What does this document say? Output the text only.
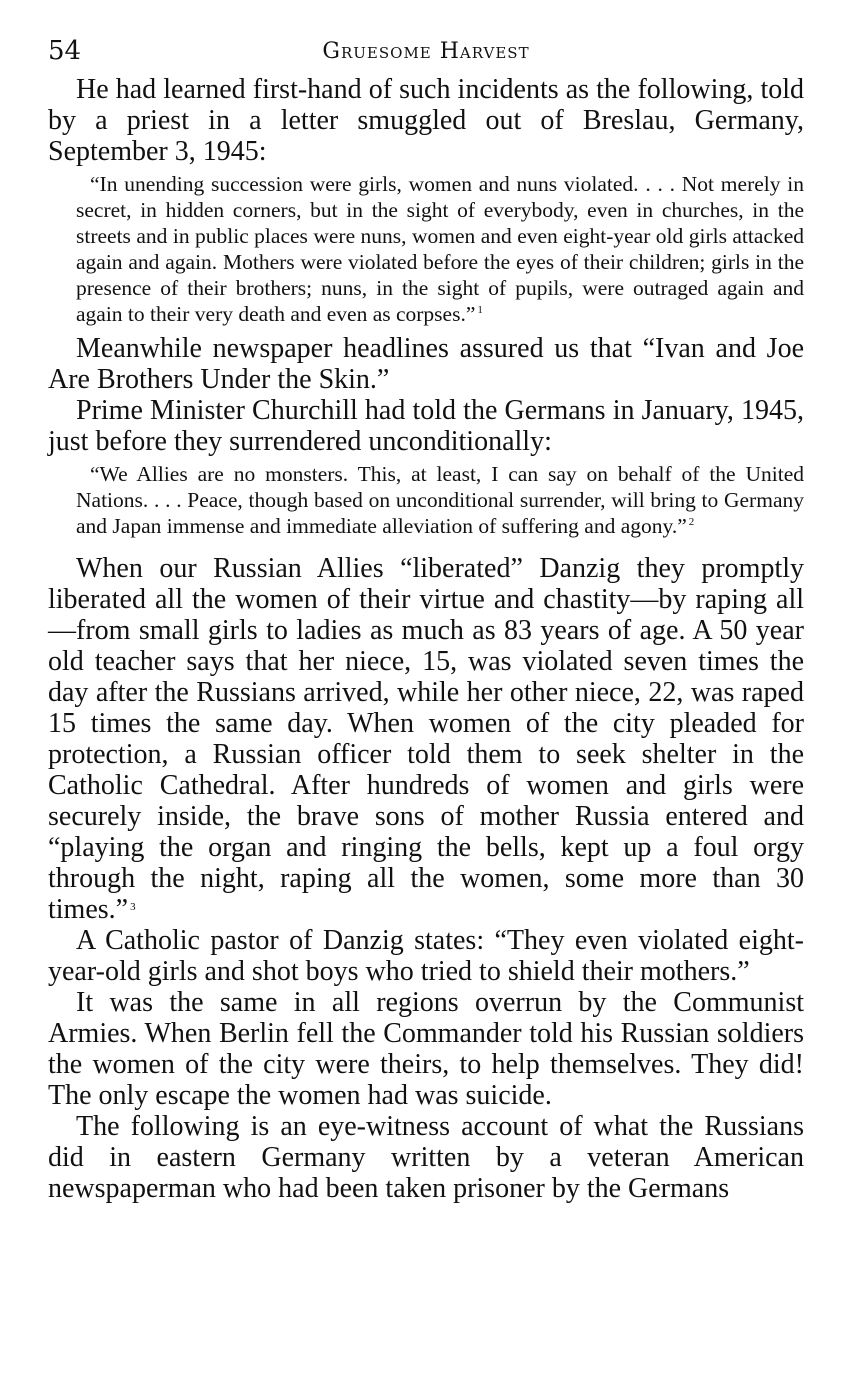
54	Gruesome Harvest

He had learned first-hand of such incidents as the following, told by a priest in a letter smuggled out of Breslau, Germany, September 3, 1945:

“In unending succession were girls, women and nuns violated. . . . Not merely in secret, in hidden corners, but in the sight of everybody, even in churches, in the streets and in public places were nuns, women and even eight-year old girls attacked again and again. Mothers were violated before the eyes of their children; girls in the presence of their brothers; nuns, in the sight of pupils, were outraged again and again to their very death and even as corpses.” $^1$

Meanwhile newspaper headlines assured us that “Ivan and Joe Are Brothers Under the Skin.”

Prime Minister Churchill had told the Germans in January, 1945, just before they surrendered unconditionally:

“We Allies are no monsters. This, at least, I can say on behalf of the United Nations. . . . Peace, though based on unconditional surrender, will bring to Germany and Japan immense and immediate alleviation of suffering and agony.” $^2$

When our Russian Allies “liberated” Danzig they promptly liberated all the women of their virtue and chastity—by raping all—from small girls to ladies as much as 83 years of age. A 50 year old teacher says that her niece, 15, was violated seven times the day after the Russians arrived, while her other niece, 22, was raped 15 times the same day. When women of the city pleaded for protection, a Russian officer told them to seek shelter in the Catholic Cathedral. After hundreds of women and girls were securely inside, the brave sons of mother Russia entered and “playing the organ and ringing the bells, kept up a foul orgy through the night, raping all the women, some more than 30 times.” $^3$

A Catholic pastor of Danzig states: “They even violated eight-year-old girls and shot boys who tried to shield their mothers.”

It was the same in all regions overrun by the Communist Armies. When Berlin fell the Commander told his Russian soldiers the women of the city were theirs, to help themselves. They did! The only escape the women had was suicide.

The following is an eye-witness account of what the Russians did in eastern Germany written by a veteran American newspaperman who had been taken prisoner by the Germans
